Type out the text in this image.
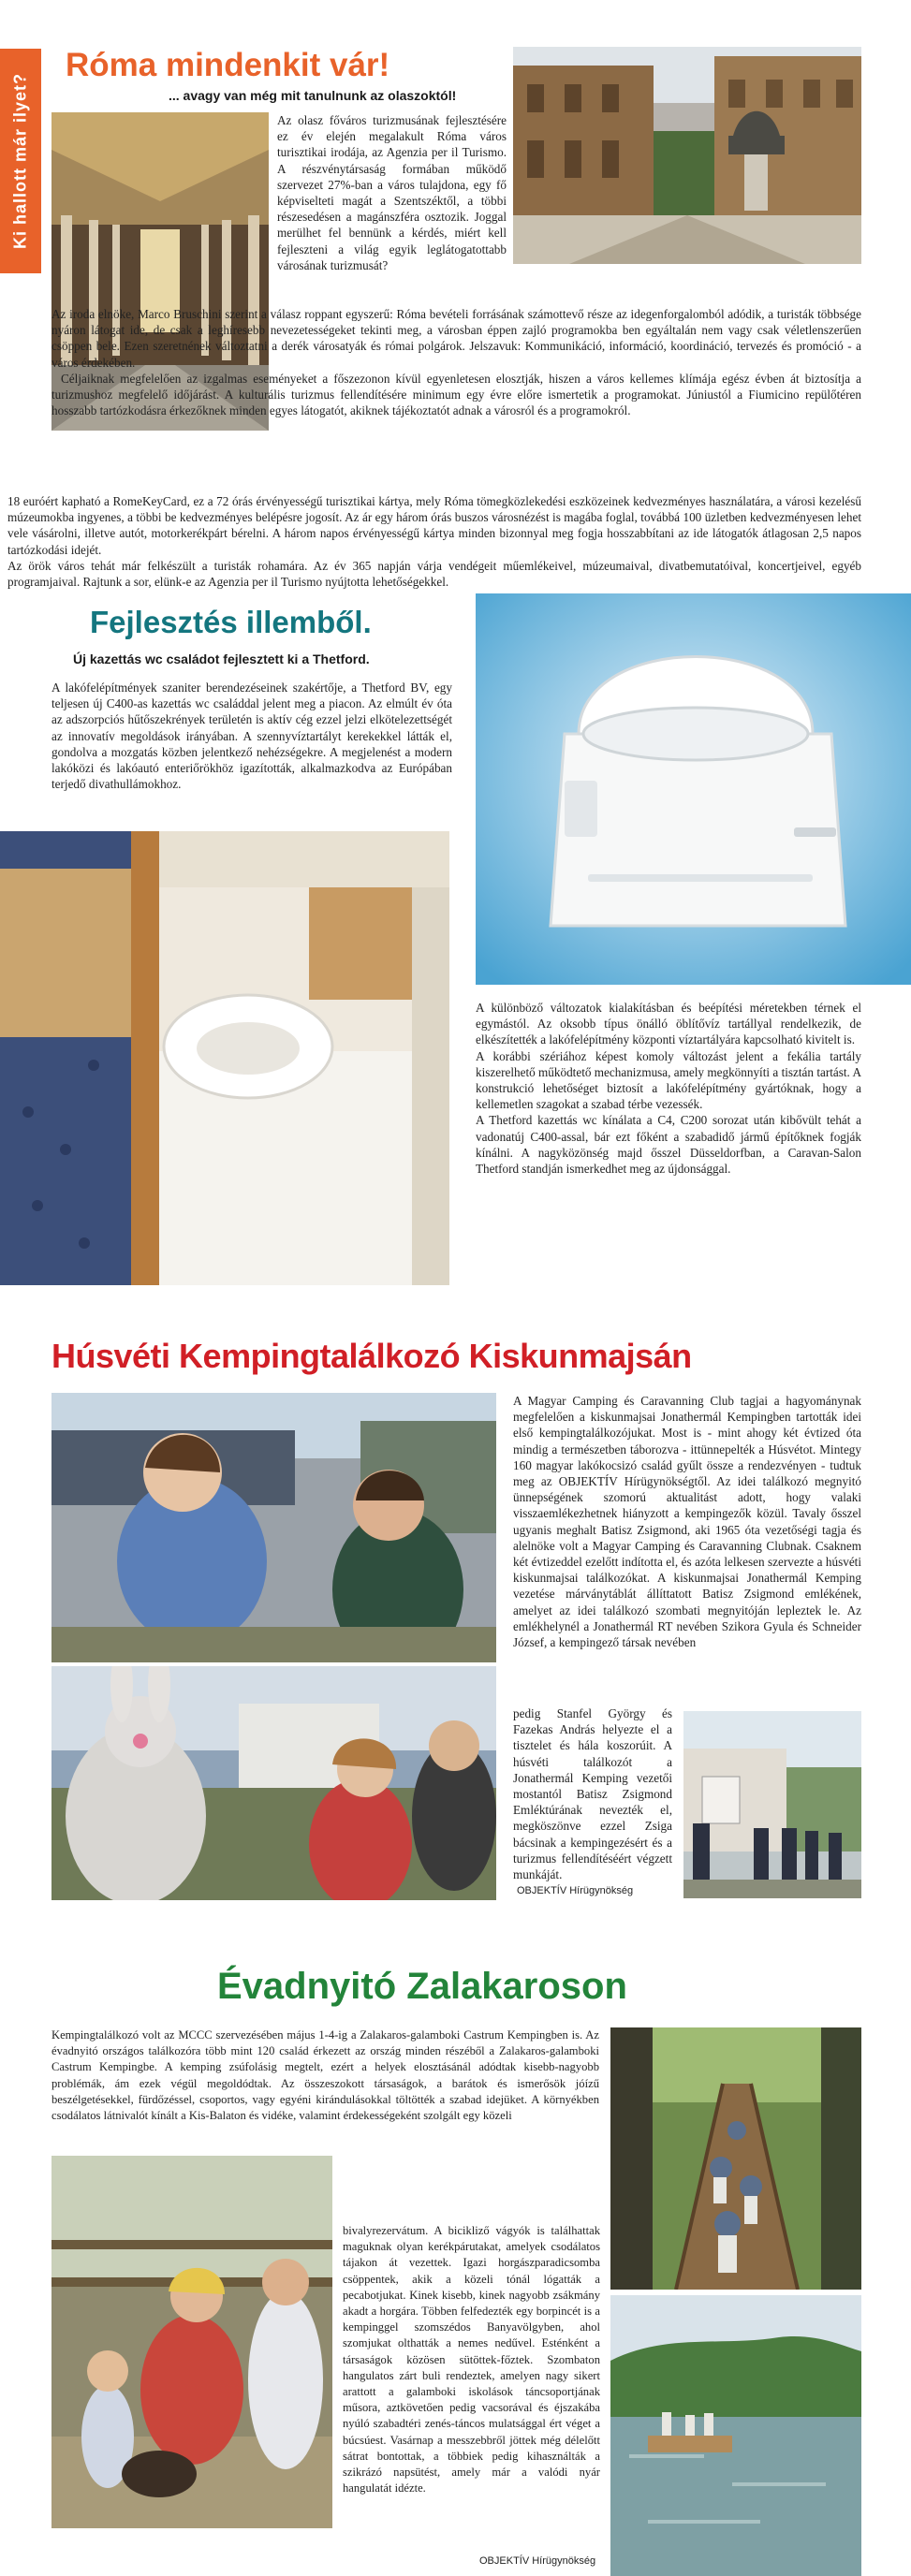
Ki hallott már ilyet?
Róma mindenkit vár!
... avagy van még mit tanulnunk az olaszoktól!
Az olasz főváros turizmusának fejlesztésére ez év elején megalakult Róma város turisztikai irodája, az Agenzia per il Turismo. A részvénytársaság formában működő szervezet 27%-ban a város tulajdona, egy fő képviselteti magát a Szentszéktől, a többi részesedésen a magánszféra osztozik. Joggal merülhet fel bennünk a kérdés, miért kell fejleszteni a világ egyik leglátogatottabb városának turizmusát?

Az iroda elnöke, Marco Bruschini szerint a válasz roppant egyszerű: Róma bevételi forrásának számottevő része az idegenforgalomból adódik, a turisták többsége nyáron látogat ide, de csak a leghíresebb nevezetességeket tekinti meg, a városban éppen zajló programokba ben egyáltalán nem vagy csak véletlenszerűen csöppen bele. Ezen szeretnének változtatni a derék városatyák és római polgárok. Jelszavuk: Kommunikáció, információ, koordináció, tervezés és promóció - a város érdekében.

Céljaiknak megfelelően az izgalmas eseményeket a főszezonon kívül egyenletesen elosztják, hiszen a város kellemes klímája egész évben át biztosítja a turizmushoz megfelelő időjárást. A kulturális turizmus fellendítésére minimum egy évre előre ismertetik a programokat. Júniustól a Fiumicino repülőtéren hosszabb tartózkodásra érkezőknek minden egyes látogatót, akiknek tájékoztatót adnak a városról és a programokról.

18 euróért kapható a RomeKeyCard, ez a 72 órás érvényességű turisztikai kártya, mely Róma tömegközlekedési eszközeinek kedvezményes használatára, a városi kezelésű múzeumokba ingyenes, a többi be kedvezményes belépésre jogosít. Az ár egy három órás buszos városnézést is magába foglal, továbbá 100 üzletben kedvezményesen lehet vele vásárolni, illetve autót, motorkerékpárt bérelni. A három napos érvényességű kártya minden bizonnyal meg fogja hosszabbítani az ide látogatók átlagosan 2,5 napos tartózkodási idejét.

Az örök város tehát már felkészült a turisták rohamára. Az év 365 napján várja vendégeit műemlékeivel, múzeumaival, divatbemutatóival, koncertjeivel, egyéb programjaival. Rajtunk a sor, elünk-e az Agenzia per il Turismo nyújtotta lehetőségekkel.

Fejlesztés illemből.
Új kazettás wc családot fejlesztett ki a Thetford.
A lakófelépítmények szaniter berendezéseinek szakértője, a Thetford BV, egy teljesen új C400-as kazettás wc családdal jelent meg a piacon. Az elmúlt év óta az adszorpciós hűtőszekrények területén is aktív cég ezzel jelzi elkötelezettségét az innovatív megoldások irányában. A szennyvíztartályt kerekekkel látták el, gondolva a mozgatás közben jelentkező nehézségekre. A megjelenést a modern lakóközi és lakóautó enteriőrökhöz igazították, alkalmazkodva az Európában terjedő divathullámokhoz.

A különböző változatok kialakításban és beépítési méretekben térnek el egymástól. Az oksobb típus önálló öblítővíz tartállyal rendelkezik, de elkészítették a lakófelépítmény központi víztartályára kapcsolható kivitelt is.

A korábbi szériához képest komoly változást jelent a fekália tartály kiszerelhető működtető mechanizmusa, amely megkönnyíti a tisztán tartást. A konstrukció lehetőséget biztosít a lakófelépítmény gyártóknak, hogy a kellemetlen szagokat a szabad térbe vezessék.

A Thetford kazettás wc kínálata a C4, C200 sorozat után kibővült tehát a vadonatúj C400-assal, bár ezt főként a szabadidő jármű építőknek fogják kínálni. A nagyközönség majd ősszel Düsseldorfban, a Caravan-Salon Thetford standján ismerkedhet meg az újdonsággal.

Húsvéti Kempingtalálkozó Kiskunmajsán
A Magyar Camping és Caravanning Club tagjai a hagyománynak megfelelően a kiskunmajsai Jonathermál Kempingben tartották idei első kempingtalálkozójukat. Most is - mint ahogy két évtized óta mindig a természetben táborozva - ittünnepelték a Húsvétot. Mintegy 160 magyar lakókocsizó család gyűlt össze a rendezvényen - tudtuk meg az OBJEKTÍV Hírügynökségtől. Az idei találkozó megnyitó ünnepségének szomorú aktualitást adott, hogy valaki visszaemlékezhetnek hiányzott a kempingezők közül. Tavaly ősszel ugyanis meghalt Batisz Zsigmond, aki 1965 óta vezetőségi tagja és alelnöke volt a Magyar Camping és Caravanning Clubnak. Csaknem két évtizeddel ezelőtt indította el, és azóta lelkesen szervezte a húsvéti kiskunmajsai találkozókat. A kiskunmajsai Jonathermál Kemping vezetése márványtáblát állíttatott Batisz Zsigmond emlékének, amelyet az idei találkozó szombati megnyitóján lepleztek le. Az emlékhelynél a Jonathermál RT nevében Szikora Gyula és Schneider József, a kempingező társak nevében
pedig Stanfel György és Fazekas András helyezte el a tisztelet és hála koszorúit. A húsvéti találkozót a Jonathermál Kemping vezetői mostantól Batisz Zsigmond Emléktúrának nevezték el, megköszönve ezzel Zsiga bácsinak a kempingezésért és a turizmus fellendítéséért végzett munkáját.
OBJEKTÍV Hírügynökség
Évadnyitó Zalakaroson
Kempingtalálkozó volt az MCCC szervezésében május 1-4-ig a Zalakaros-galamboki Castrum Kempingben is. Az évadnyitó országos találkozóra több mint 120 család érkezett az ország minden részéből a Zalakaros-galamboki Castrum Kempingbe. A kemping zsúfolásig megtelt, ezért a helyek elosztásánál adódtak kisebb-nagyobb problémák, ám ezek végül megoldódtak. Az összeszokott társaságok, a barátok és ismerősök jóízű beszélgetésekkel, fürdőzéssel, csoportos, vagy egyéni kirándulásokkal töltötték a szabad idejüket. A környékben csodálatos látnivalót kínált a Kis-Balaton és vidéke, valamint érdekességeként szolgált egy közeli
bivalyrezervátum. A bicikliző vágyók is találhattak maguknak olyan kerékpárutakat, amelyek csodálatos tájakon át vezettek. Igazi horgászparadicsomba csöppentek, akik a közeli tónál lógatták a pecabotjukat. Kinek kisebb, kinek nagyobb zsákmány akadt a horgára. Többen felfedezték egy borpincét is a kempinggel szomszédos Banyavölgyben, ahol szomjukat olthatták a nemes nedűvel. Esténként a társaságok közösen sütöttek-főztek. Szombaton hangulatos zárt buli rendeztek, amelyen nagy sikert arattott a galamboki iskolások táncsoportjának műsora, aztkövetően pedig vacsorával és éjszakába nyúló szabadtéri zenés-táncos mulatsággal ért véget a búcsúest. Vasárnap a messzebbről jöttek még délelőtt sátrat bontottak, a többiek pedig kihasználták a szikrázó napsütést, amely már a valódi nyár hangulatát idézte.
OBJEKTÍV Hírügynökség
